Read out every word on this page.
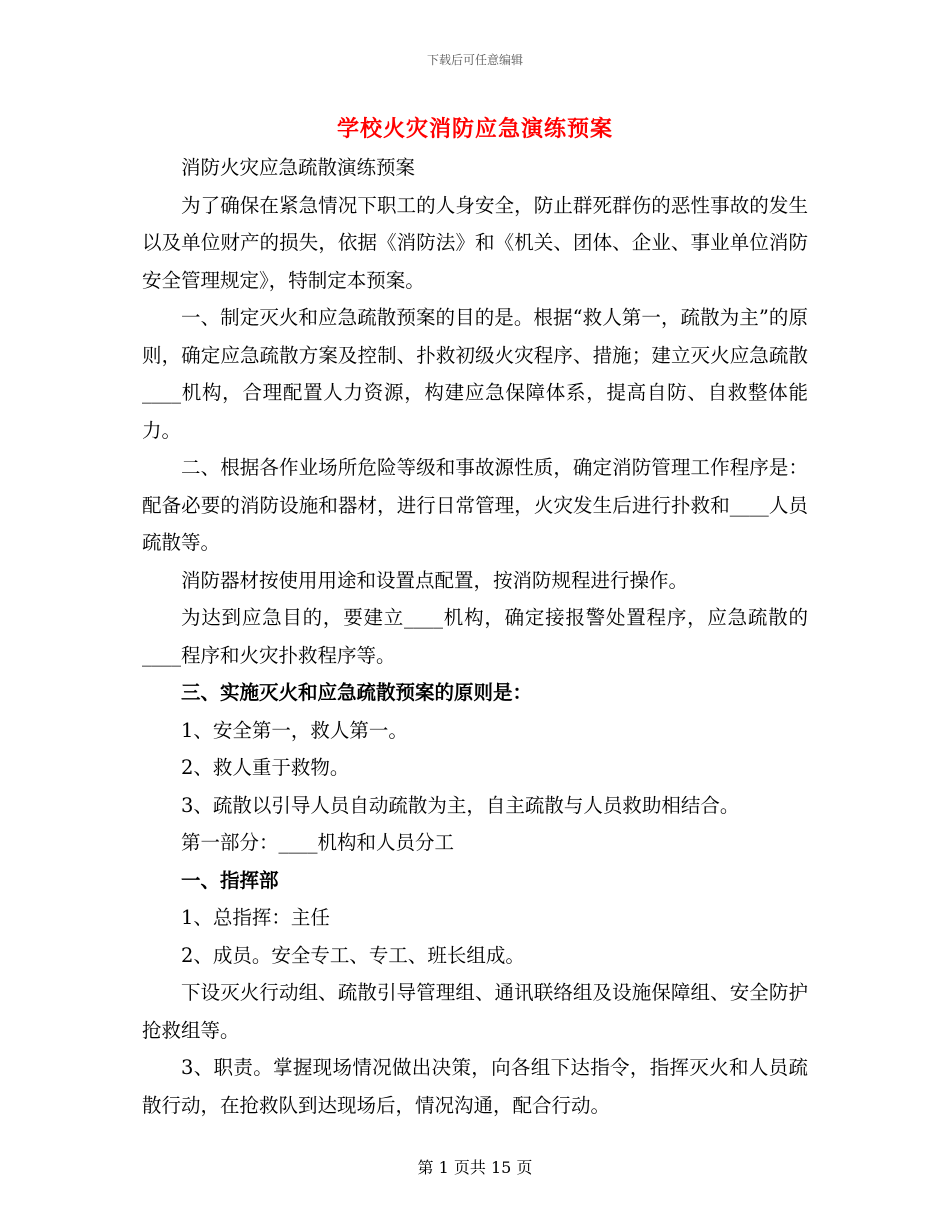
下载后可任意编辑
学校火灾消防应急演练预案

消防火灾应急疏散演练预案

为了确保在紧急情况下职工的人身安全，防止群死群伤的恶性事故的发生以及单位财产的损失，依据《消防法》和《机关、团体、企业、事业单位消防安全管理规定》，特制定本预案。

一、制定灭火和应急疏散预案的目的是。根据“救人第一，疏散为主”的原则，确定应急疏散方案及控制、扑救初级火灾程序、措施；建立灭火应急疏散____机构，合理配置人力资源，构建应急保障体系，提高自防、自救整体能力。

二、根据各作业场所危险等级和事故源性质，确定消防管理工作程序是：配备必要的消防设施和器材，进行日常管理，火灾发生后进行扑救和____人员疏散等。

消防器材按使用用途和设置点配置，按消防规程进行操作。

为达到应急目的，要建立____机构，确定接报警处置程序，应急疏散的____程序和火灾扑救程序等。

三、实施灭火和应急疏散预案的原则是：

1、安全第一，救人第一。

2、救人重于救物。

3、疏散以引导人员自动疏散为主，自主疏散与人员救助相结合。

第一部分：____机构和人员分工

一、指挥部

1、总指挥：主任

2、成员。安全专工、专工、班长组成。

下设灭火行动组、疏散引导管理组、通讯联络组及设施保障组、安全防护抢救组等。

3、职责。掌握现场情况做出决策，向各组下达指令，指挥灭火和人员疏散行动，在抢救队到达现场后，情况沟通，配合行动。

第 1 页共 15 页
